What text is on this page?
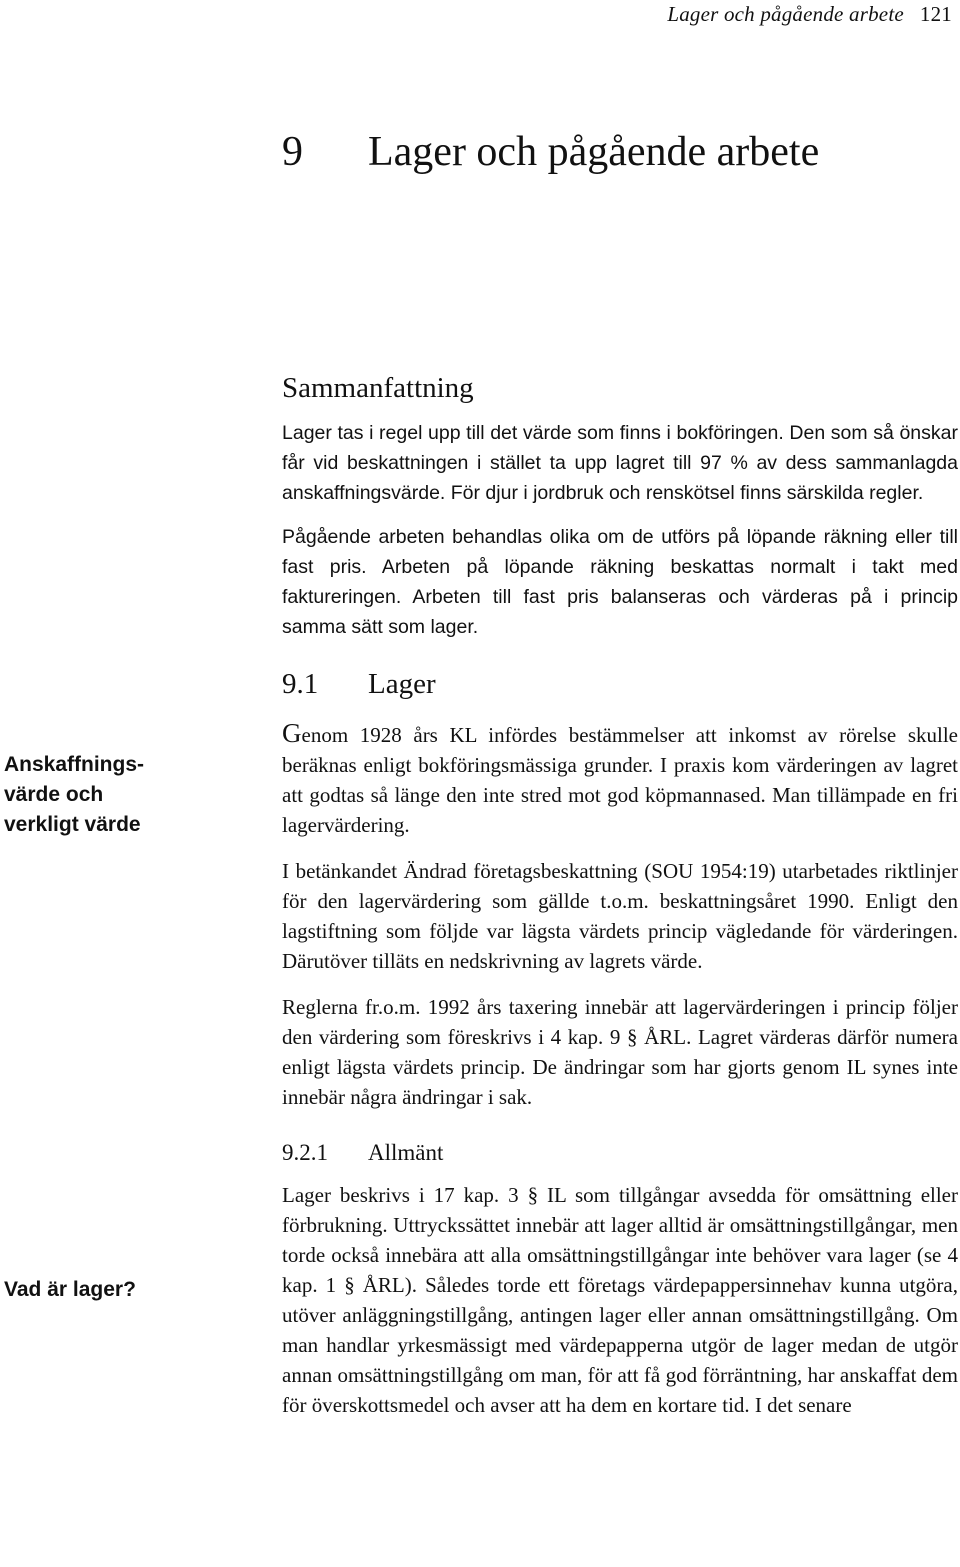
Lager och pågående arbete 121
9 Lager och pågående arbete
Anskaffnings-
värde och
verkligt värde
Vad är lager?
Sammanfattning

Lager tas i regel upp till det värde som finns i bokföringen. Den som så önskar får vid beskattningen i stället ta upp lagret till 97 % av dess sammanlagda anskaffningsvärde. För djur i jordbruk och renskötsel finns särskilda regler.

Pågående arbeten behandlas olika om de utförs på löpande räkning eller till fast pris. Arbeten på löpande räkning beskattas normalt i takt med faktureringen. Arbeten till fast pris balanseras och värderas på i princip samma sätt som lager.

9.1 Lager

Genom 1928 års KL infördes bestämmelser att inkomst av rörelse skulle beräknas enligt bokföringsmässiga grunder. I praxis kom värderingen av lagret att godtas så länge den inte stred mot god köpmannased. Man tillämpade en fri lagervärdering.

I betänkandet Ändrad företagsbeskattning (SOU 1954:19) utarbetades riktlinjer för den lagervärdering som gällde t.o.m. beskattningsåret 1990. Enligt den lagstiftning som följde var lägsta värdets princip vägledande för värderingen. Därutöver tilläts en nedskrivning av lagrets värde.

Reglerna fr.o.m. 1992 års taxering innebär att lagervärderingen i princip följer den värdering som föreskrivs i 4 kap. 9 § ÅRL. Lagret värderas därför numera enligt lägsta värdets princip. De ändringar som har gjorts genom IL synes inte innebär några ändringar i sak.

9.2.1 Allmänt

Lager beskrivs i 17 kap. 3 § IL som tillgångar avsedda för omsättning eller förbrukning. Uttryckssättet innebär att lager alltid är omsättningstillgångar, men torde också innebära att alla omsättningstillgångar inte behöver vara lager (se 4 kap. 1 § ÅRL). Således torde ett företags värdepappersinnehav kunna utgöra, utöver anläggningstillgång, antingen lager eller annan omsättningstillgång. Om man handlar yrkesmässigt med värdepapperna utgör de lager medan de utgör annan omsättningstillgång om man, för att få god förräntning, har anskaffat dem för överskottsmedel och avser att ha dem en kortare tid. I det senare
